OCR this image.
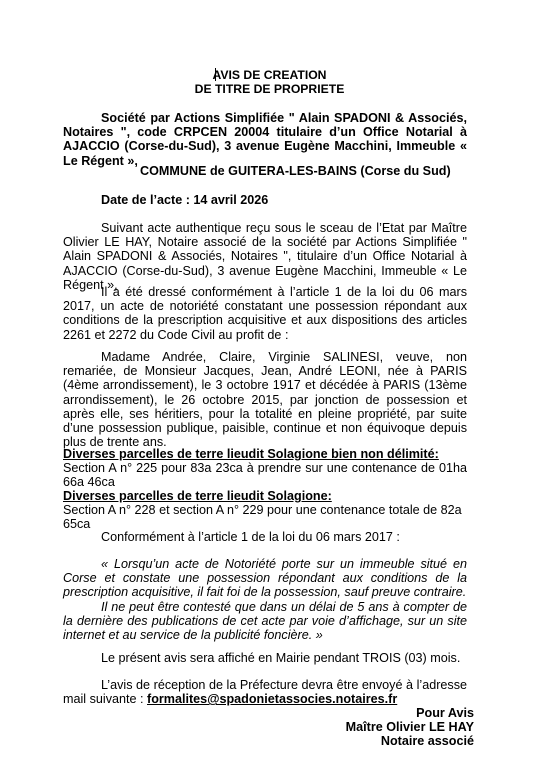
AVIS DE CREATION

DE TITRE DE PROPRIETE

Société par Actions Simplifiée " Alain SPADONI & Associés, Notaires ", code CRPCEN 20004 titulaire d’un Office Notarial à AJACCIO (Corse-du-Sud), 3 avenue Eugène Macchini, Immeuble « Le Régent »,

COMMUNE de GUITERA-LES-BAINS (Corse du Sud)

Date de l’acte : 14 avril 2026

Suivant acte authentique reçu sous le sceau de l’Etat par Maître Olivier LE HAY, Notaire associé de la société par Actions Simplifiée " Alain SPADONI & Associés, Notaires ", titulaire d’un Office Notarial à AJACCIO (Corse-du-Sud), 3 avenue Eugène Macchini, Immeuble « Le Régent »,

Il a été dressé conformément à l’article 1 de la loi du 06 mars 2017, un acte de notoriété constatant une possession répondant aux conditions de la prescription acquisitive et aux dispositions des articles 2261 et 2272 du Code Civil au profit de :

Madame Andrée, Claire, Virginie SALINESI, veuve, non remariée, de Monsieur Jacques, Jean, André LEONI, née à PARIS (4ème arrondissement), le 3 octobre 1917 et décédée à PARIS (13ème arrondissement), le 26 octobre 2015, par jonction de possession et après elle, ses héritiers, pour la totalité en pleine propriété, par suite d’une possession publique, paisible, continue et non équivoque depuis plus de trente ans.

Diverses parcelles de terre lieudit Solagione bien non délimité:

Section A n° 225 pour 83a 23ca à prendre sur une contenance de 01ha 66a 46ca

Diverses parcelles de terre lieudit Solagione:

Section A n° 228 et section A n° 229 pour une contenance totale de 82a 65ca

Conformément à l’article 1 de la loi du 06 mars 2017 :

« Lorsqu’un acte de Notoriété porte sur un immeuble situé en Corse et constate une possession répondant aux conditions de la prescription acquisitive, il fait foi de la possession, sauf preuve contraire.

Il ne peut être contesté que dans un délai de 5 ans à compter de la dernière des publications de cet acte par voie d’affichage, sur un site internet et au service de la publicité foncière. »

Le présent avis sera affiché en Mairie pendant TROIS (03) mois.

L’avis de réception de la Préfecture devra être envoyé à l’adresse mail suivante : formalites@spadonietassocies.notaires.fr

Pour Avis

Maître Olivier LE HAY

Notaire associé
